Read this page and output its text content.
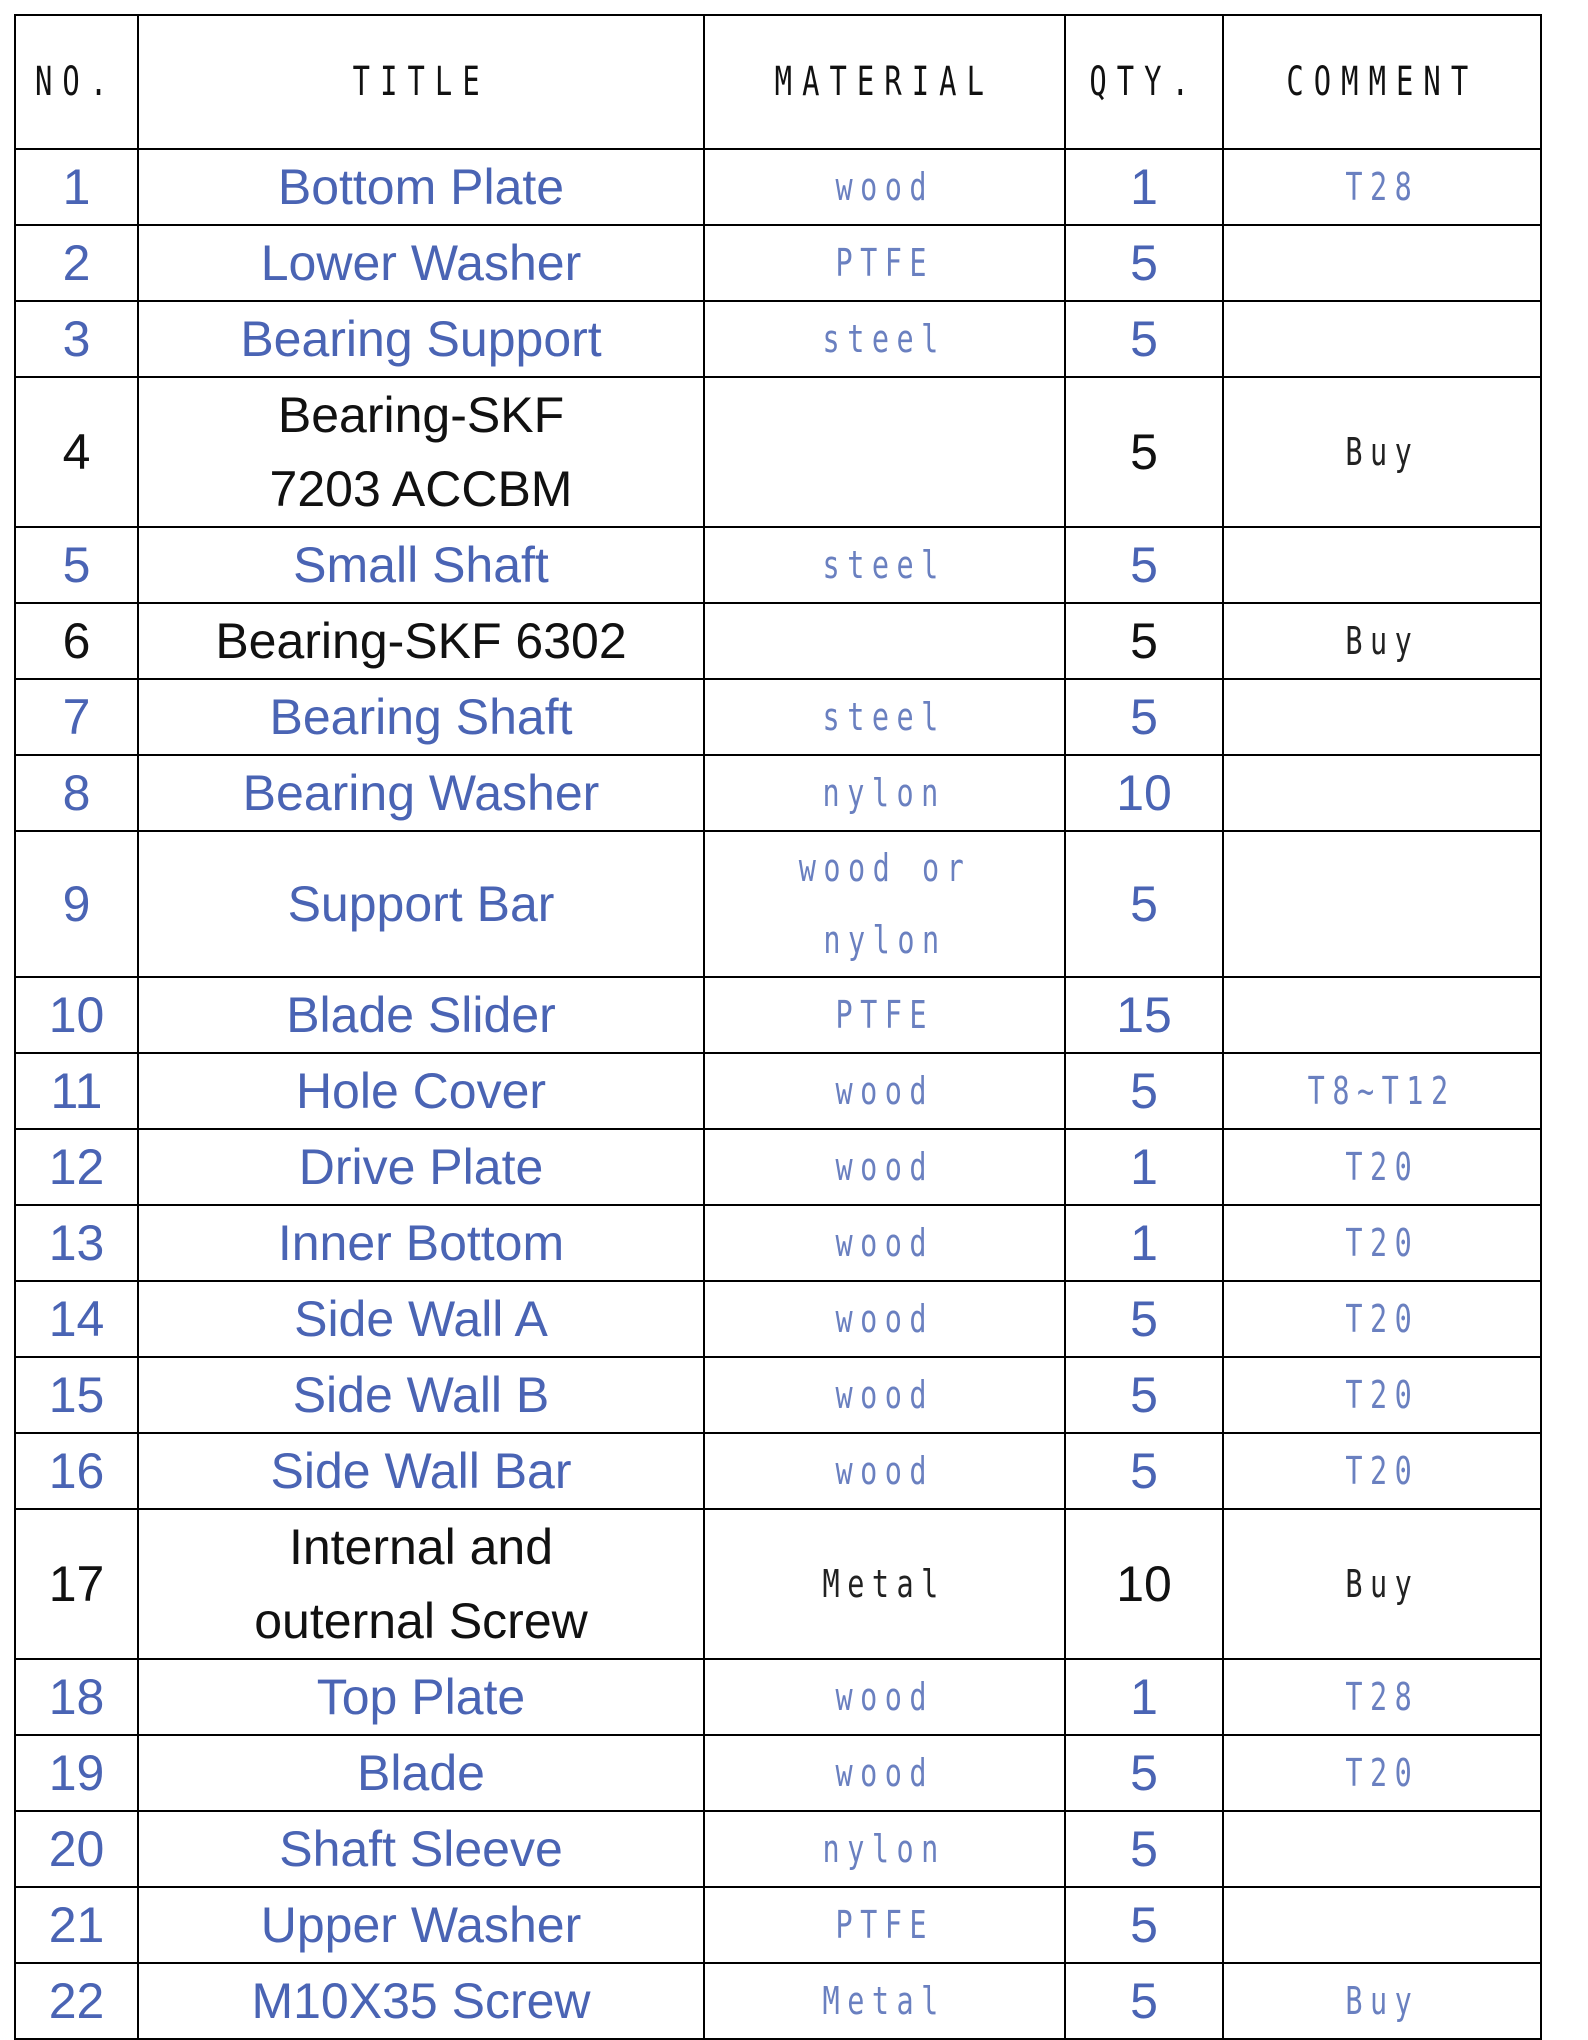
NO.	TITLE	MATERIAL	QTY.	COMMENT
1	Bottom Plate	wood	1	T28
2	Lower Washer	PTFE	5	
3	Bearing Support	steel	5	
4	Bearing-SKF 7203 ACCBM		5	Buy
5	Small Shaft	steel	5	
6	Bearing-SKF 6302		5	Buy
7	Bearing Shaft	steel	5	
8	Bearing Washer	nylon	10	
9	Support Bar	wood or nylon	5	
10	Blade Slider	PTFE	15	
11	Hole Cover	wood	5	T8~T12
12	Drive Plate	wood	1	T20
13	Inner Bottom	wood	1	T20
14	Side Wall A	wood	5	T20
15	Side Wall B	wood	5	T20
16	Side Wall Bar	wood	5	T20
17	Internal and outernal Screw	Metal	10	Buy
18	Top Plate	wood	1	T28
19	Blade	wood	5	T20
20	Shaft Sleeve	nylon	5	
21	Upper Washer	PTFE	5	
22	M10X35 Screw	Metal	5	Buy
